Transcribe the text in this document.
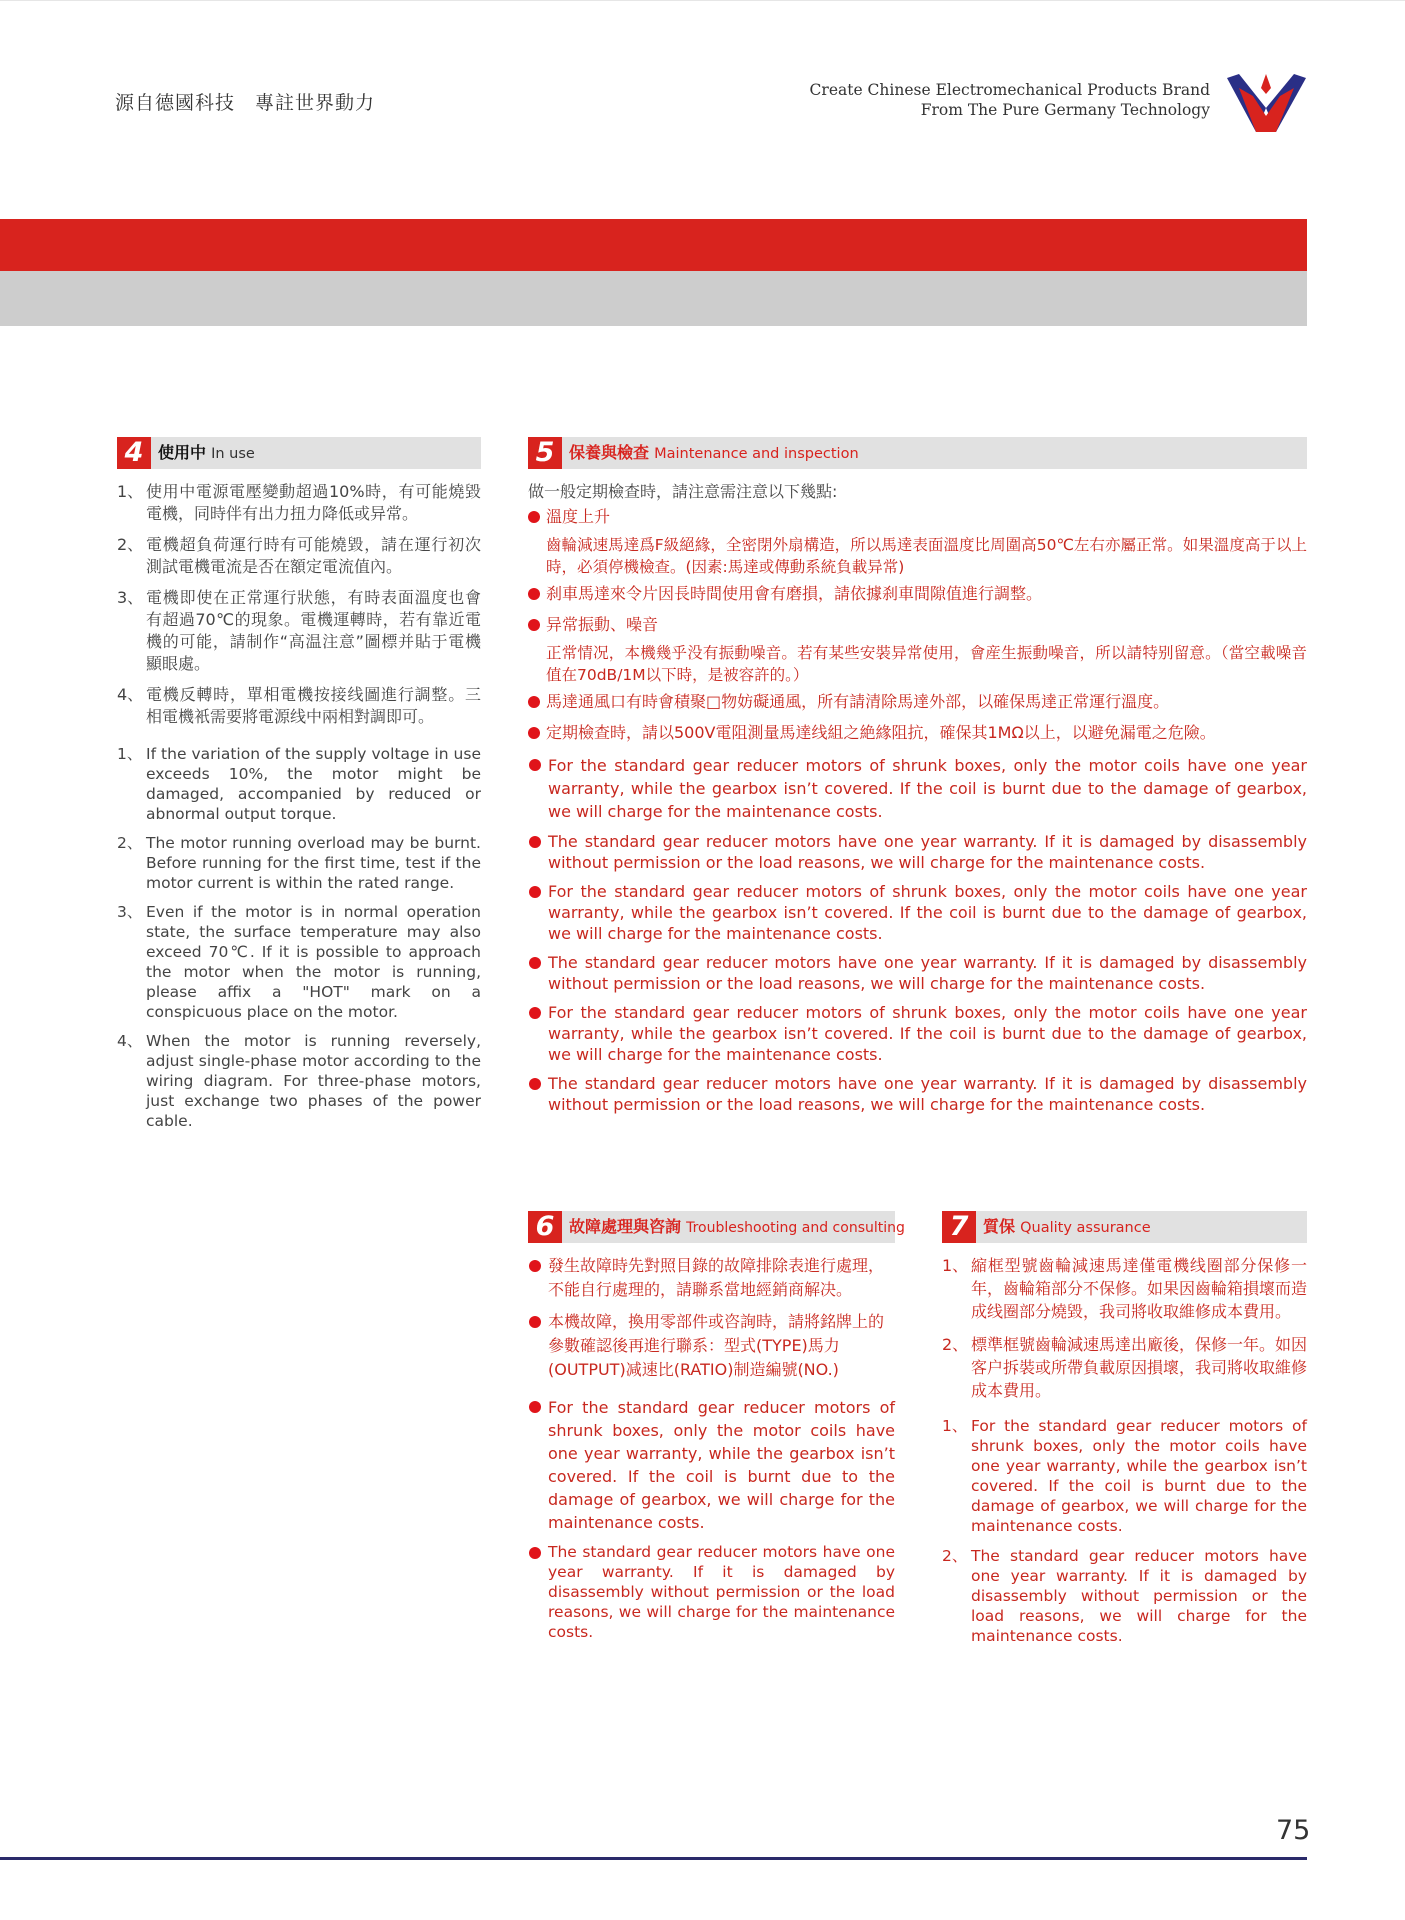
源自德國科技　專註世界動力
Create Chinese Electromechanical Products Brand
From The Pure Germany Technology
4 使用中 In use
1、 使用中電源電壓變動超過10%時，有可能燒毀電機，同時伴有出力扭力降低或异常。
2、 電機超負荷運行時有可能燒毀，請在運行初次測試電機電流是否在額定電流值內。
3、 電機即使在正常運行狀態，有時表面溫度也會有超過70℃的現象。電機運轉時，若有靠近電機的可能，請制作“高温注意”圖標并貼于電機顯眼處。
4、 電機反轉時，單相電機按接线圖進行調整。三相電機衹需要將電源线中兩相對調即可。
1、 If the variation of the supply voltage in use exceeds 10%, the motor might be damaged, accompanied by reduced or abnormal output torque.
2、 The motor running overload may be burnt. Before running for the first time, test if the motor current is within the rated range.
3、 Even if the motor is in normal operation state, the surface temperature may also exceed 70℃. If it is possible to approach the motor when the motor is running, please affix a "HOT" mark on a conspicuous place on the motor.
4、 When the motor is running reversely, adjust single-phase motor according to the wiring diagram. For three-phase motors, just exchange two phases of the power cable.
5 保養與檢查 Maintenance and inspection
做一般定期檢查時，請注意需注意以下幾點:
溫度上升
齒輪減速馬達爲F級絕緣，全密閉外扇構造，所以馬達表面溫度比周圍高50℃左右亦屬正常。如果溫度高于以上時，必須停機檢查。(因素:馬達或傳動系統負載异常)
刹車馬達來令片因長時間使用會有磨損，請依據刹車間隙值進行調整。
异常振動、噪音
正常情况，本機幾乎没有振動噪音。若有某些安裝异常使用，會産生振動噪音，所以請特别留意。（當空載噪音值在70dB/1M以下時，是被容許的。）
馬達通風口有時會積聚□物妨礙通風，所有請清除馬達外部，以確保馬達正常運行溫度。
定期檢查時，請以500V電阻測量馬達线組之絶緣阻抗，確保其1MΩ以上，以避免漏電之危險。
For the standard gear reducer motors of shrunk boxes, only the motor coils have one year warranty, while the gearbox isn’t covered. If the coil is burnt due to the damage of gearbox, we will charge for the maintenance costs.
The standard gear reducer motors have one year warranty. If it is damaged by disassembly without permission or the load reasons, we will charge for the maintenance costs.
For the standard gear reducer motors of shrunk boxes, only the motor coils have one year warranty, while the gearbox isn’t covered. If the coil is burnt due to the damage of gearbox, we will charge for the maintenance costs.
The standard gear reducer motors have one year warranty. If it is damaged by disassembly without permission or the load reasons, we will charge for the maintenance costs.
For the standard gear reducer motors of shrunk boxes, only the motor coils have one year warranty, while the gearbox isn’t covered. If the coil is burnt due to the damage of gearbox, we will charge for the maintenance costs.
The standard gear reducer motors have one year warranty. If it is damaged by disassembly without permission or the load reasons, we will charge for the maintenance costs.
6 故障處理與咨詢 Troubleshooting and consulting
發生故障時先對照目錄的故障排除表進行處理，不能自行處理的，請聯系當地經銷商解决。
本機故障，換用零部件或咨詢時，請將銘牌上的參數確認後再進行聯系：型式(TYPE)馬力(OUTPUT)减速比(RATIO)制造編號(NO.)
For the standard gear reducer motors of shrunk boxes, only the motor coils have one year warranty, while the gearbox isn’t covered. If the coil is burnt due to the damage of gearbox, we will charge for the maintenance costs.
The standard gear reducer motors have one year warranty. If it is damaged by disassembly without permission or the load reasons, we will charge for the maintenance costs.
7 質保 Quality assurance
1、 縮框型號齒輪減速馬達僅電機线圈部分保修一年，齒輪箱部分不保修。如果因齒輪箱損壞而造成线圈部分燒毀，我司將收取維修成本費用。
2、 標準框號齒輪減速馬達出廠後，保修一年。如因客户拆裝或所帶負載原因損壞，我司將收取維修成本費用。
1、 For the standard gear reducer motors of shrunk boxes, only the motor coils have one year warranty, while the gearbox isn’t covered. If the coil is burnt due to the damage of gearbox, we will charge for the maintenance costs.
2、 The standard gear reducer motors have one year warranty. If it is damaged by disassembly without permission or the load reasons, we will charge for the maintenance costs.
75
